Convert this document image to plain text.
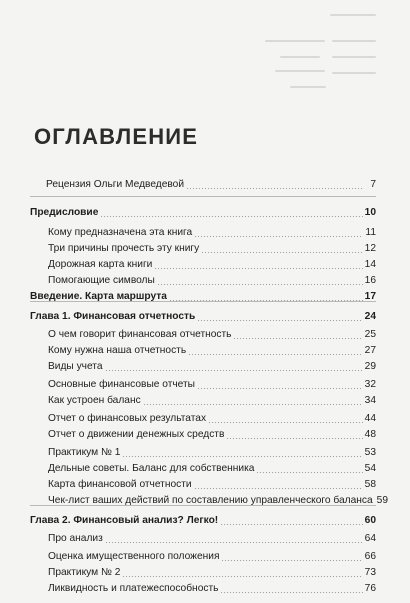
ОГЛАВЛЕНИЕ
Рецензия Ольги Медведевой	7
Предисловие	10
Кому предназначена эта книга	11
Три причины прочесть эту книгу	12
Дорожная карта книги	14
Помогающие символы	16
Введение. Карта маршрута	17
Глава 1. Финансовая отчетность	24
О чем говорит финансовая отчетность	25
Кому нужна наша отчетность	27
Виды учета	29
Основные финансовые отчеты	32
Как устроен баланс	34
Отчет о финансовых результатах	44
Отчет о движении денежных средств	48
Практикум № 1	53
Дельные советы. Баланс для собственника	54
Карта финансовой отчетности	58
Чек-лист ваших действий по составлению управленческого баланса 59
Глава 2. Финансовый анализ? Легко!	60
Про анализ	64
Оценка имущественного положения	66
Практикум № 2	73
Ликвидность и платежеспособность	76
